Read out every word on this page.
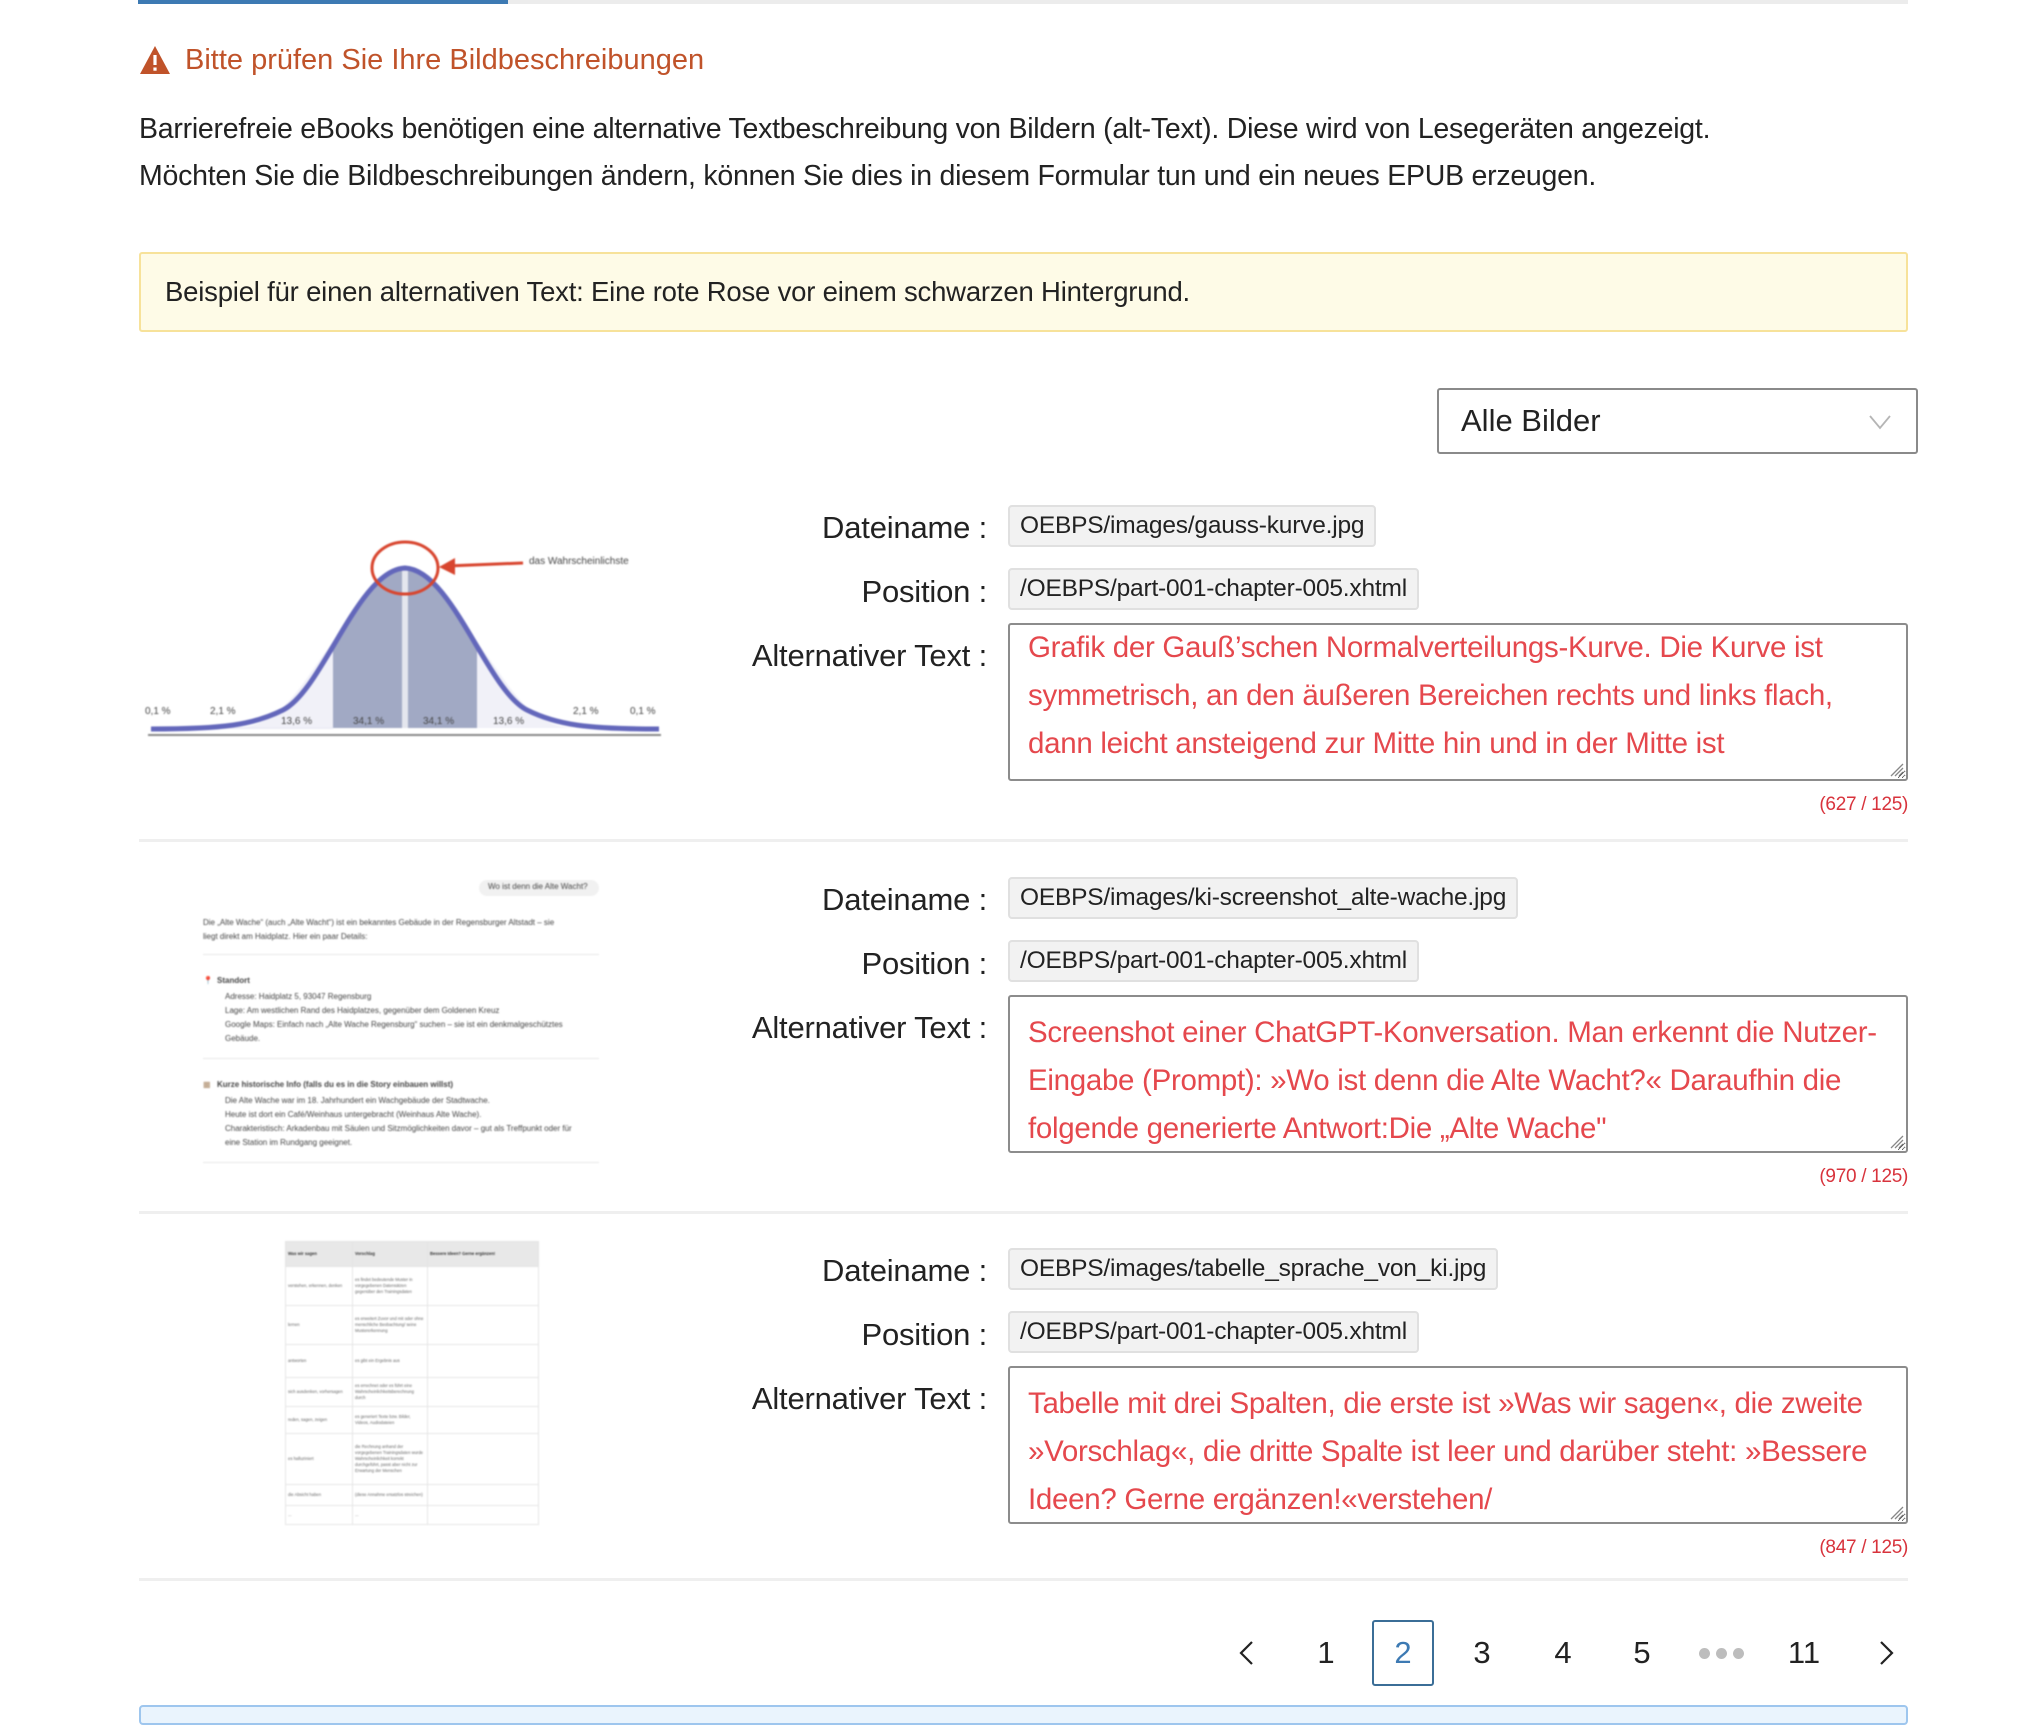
Bitte prüfen Sie Ihre Bildbeschreibungen
Barrierefreie eBooks benötigen eine alternative Textbeschreibung von Bildern (alt-Text). Diese wird von Lesegeräten angezeigt.
Möchten Sie die Bildbeschreibungen ändern, können Sie dies in diesem Formular tun und ein neues EPUB erzeugen.
Beispiel für einen alternativen Text: Eine rote Rose vor einem schwarzen Hintergrund.
Alle Bilder
das Wahrscheinlichste
0,1 %	2,1 %
13,6 %	34,1 %	34,1 %	13,6 %
2,1 %	0,1 %
Dateiname :	OEBPS/images/gauss-kurve.jpg
Position :	/OEBPS/part-001-chapter-005.xhtml
Alternativer Text : Grafik der Gauß’schen Normalverteilungs-Kurve. Die Kurve ist symmetrisch, an den äußeren Bereichen rechts und links flach, dann leicht ansteigend zur Mitte hin und in der Mitte ist
(627 / 125)
Wo ist denn die Alte Wacht?
Die „Alte Wache“ (auch „Alte Wacht“) ist ein bekanntes Gebäude in der Regensburger Altstadt – sie
liegt direkt am Haidplatz. Hier ein paar Details:
📍 Standort
Adresse: Haidplatz 5, 93047 Regensburg
Lage: Am westlichen Rand des Haidplatzes, gegenüber dem Goldenen Kreuz
Google Maps: Einfach nach „Alte Wache Regensburg“ suchen – sie ist ein denkmalgeschütztes
Gebäude.
▦ Kurze historische Info (falls du es in die Story einbauen willst)
Die Alte Wache war im 18. Jahrhundert ein Wachgebäude der Stadtwache.
Heute ist dort ein Café/Weinhaus untergebracht (Weinhaus Alte Wache).
Charakteristisch: Arkadenbau mit Säulen und Sitzmöglichkeiten davor – gut als Treffpunkt oder für
eine Station im Rundgang geeignet.
Dateiname :	OEBPS/images/ki-screenshot_alte-wache.jpg
Position :	/OEBPS/part-001-chapter-005.xhtml
Alternativer Text : Screenshot einer ChatGPT-Konversation. Man erkennt die Nutzer-Eingabe (Prompt): »Wo ist denn die Alte Wacht?« Daraufhin die folgende generierte Antwort:Die „Alte Wache"
(970 / 125)
Was wir sagen	Vorschlag	Bessere Ideen? Gerne ergänzen!
verstehen, erkennen, denken	es findet bedeutende Muster in vorgegebenen Datensätzen gegenüber den Trainingsdaten	
lernen	es erweitert Zuvor und mit oder ohne menschliche Beobachtung/ seine Mustererkennung	
antworten	es gibt ein Ergebnis aus	
sich ausdenken, vorhersagen	es errechnet oder es führt eine Wahrscheinlichkeitsberechnung durch	
reden, sagen, zeigen	es generiert Texte bzw. Bilder, Videos, Audiodateien	
es halluziniert	die Rechnung anhand der vorgegebenen Trainingsdaten wurde Wahrscheinlichkeit korrekt durchgeführt, passt aber nicht zur Erwartung der Menschen	
die Absicht haben	(diese Annahme ersatzlos streichen)	
...	...	
Dateiname :	OEBPS/images/tabelle_sprache_von_ki.jpg
Position :	/OEBPS/part-001-chapter-005.xhtml
Alternativer Text : Tabelle mit drei Spalten, die erste ist »Was wir sagen«, die zweite »Vorschlag«, die dritte Spalte ist leer und darüber steht: »Bessere Ideen? Gerne ergänzen!«verstehen/
(847 / 125)
1	2	3	4	5	11
